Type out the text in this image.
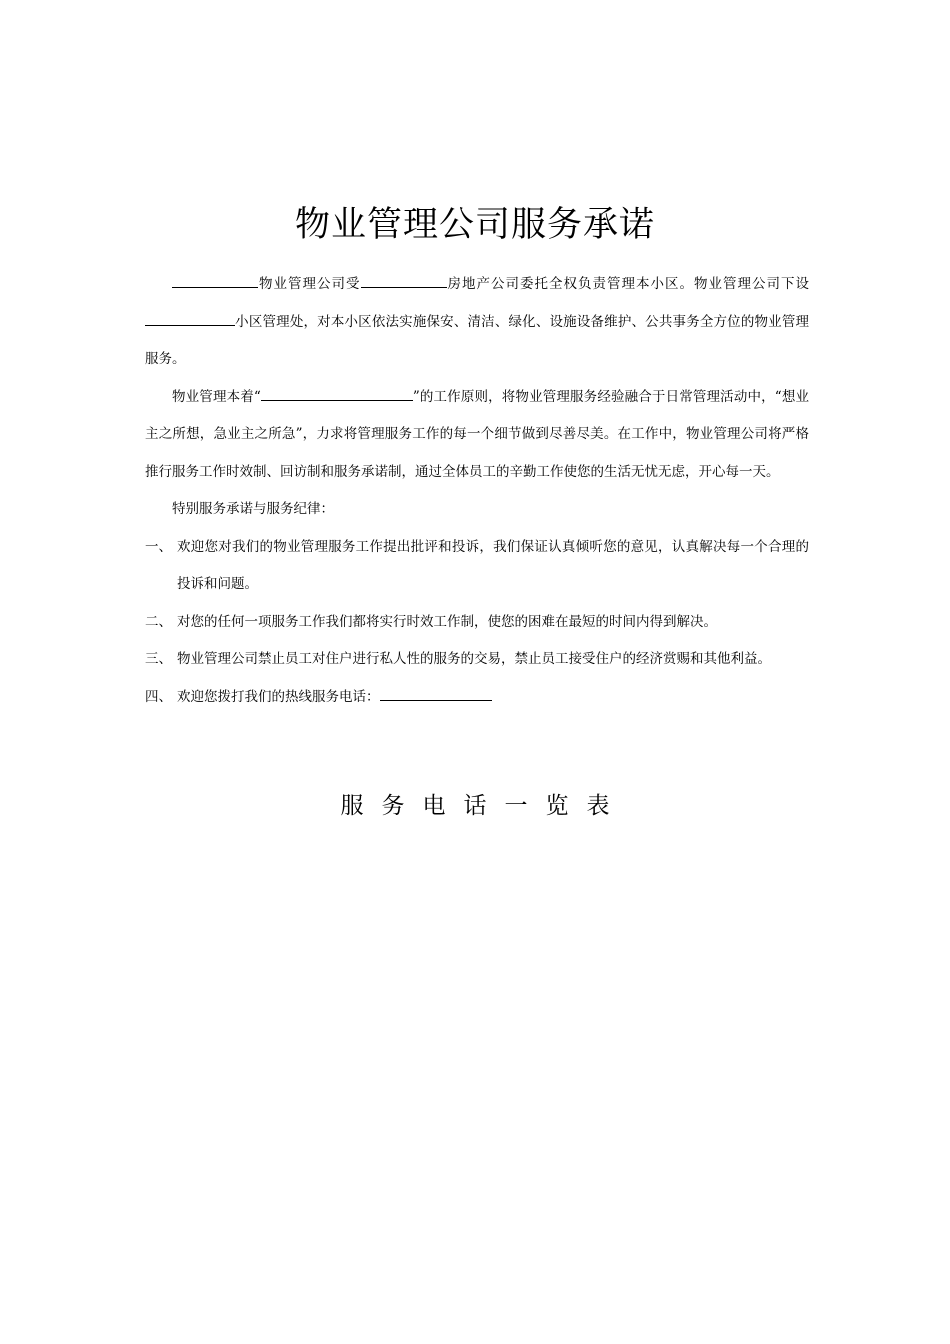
物业管理公司服务承诺

物业管理公司受	房地产公司委托全权负责管理本小区。物业管理公司下设小区管理处，对本小区依法实施保安、清洁、绿化、设施设备维护、公共事务全方位的物业管理服务。

物业管理本着“	”的工作原则，将物业管理服务经验融合于日常管理活动中，“想业主之所想，急业主之所急”，力求将管理服务工作的每一个细节做到尽善尽美。在工作中，物业管理公司将严格推行服务工作时效制、回访制和服务承诺制，通过全体员工的辛勤工作使您的生活无忧无虑，开心每一天。

特别服务承诺与服务纪律：

一、 欢迎您对我们的物业管理服务工作提出批评和投诉，我们保证认真倾听您的意见，认真解决每一个合理的投诉和问题。
二、 对您的任何一项服务工作我们都将实行时效工作制，使您的困难在最短的时间内得到解决。
三、 物业管理公司禁止员工对住户进行私人性的服务的交易，禁止员工接受住户的经济赏赐和其他利益。
四、 欢迎您拨打我们的热线服务电话：
服务电话一览表
